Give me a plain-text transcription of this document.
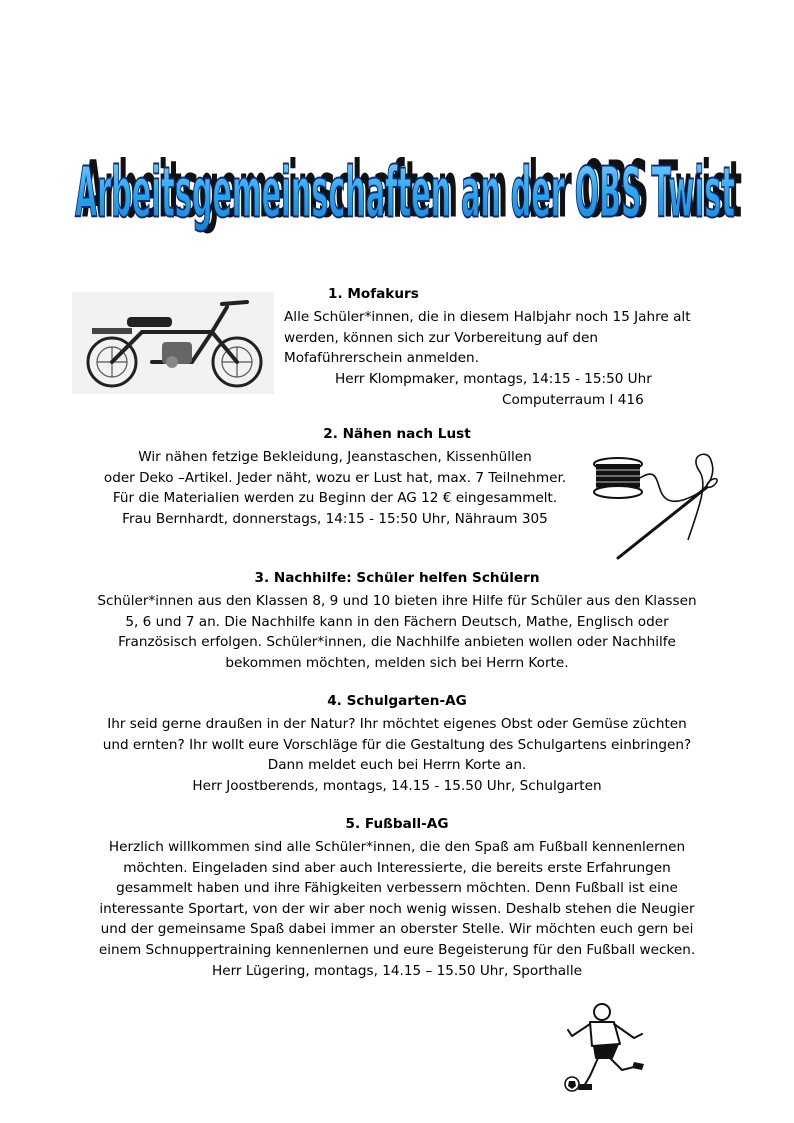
Arbeitsgemeinschaften an der OBS Twist
Arbeitsgemeinschaften an der OBS Twist
1. Mofakurs
Alle Schüler*innen, die in diesem Halbjahr noch 15 Jahre alt
werden, können sich zur Vorbereitung auf den
Mofaführerschein anmelden.
Herr Klompmaker, montags, 14:15 - 15:50 Uhr
Computerraum I 416
2. Nähen nach Lust
Wir nähen fetzige Bekleidung, Jeanstaschen, Kissenhüllen
oder Deko –Artikel. Jeder näht, wozu er Lust hat, max. 7 Teilnehmer.
Für die Materialien werden zu Beginn der AG 12 € eingesammelt.
Frau Bernhardt, donnerstags, 14:15 - 15:50 Uhr, Nähraum 305
3. Nachhilfe: Schüler helfen Schülern
Schüler*innen aus den Klassen 8, 9 und 10 bieten ihre Hilfe für Schüler aus den Klassen
5, 6 und 7 an. Die Nachhilfe kann in den Fächern Deutsch, Mathe, Englisch oder
Französisch erfolgen. Schüler*innen, die Nachhilfe anbieten wollen oder Nachhilfe
bekommen möchten, melden sich bei Herrn Korte.
4. Schulgarten-AG
Ihr seid gerne draußen in der Natur? Ihr möchtet eigenes Obst oder Gemüse züchten
und ernten? Ihr wollt eure Vorschläge für die Gestaltung des Schulgartens einbringen?
Dann meldet euch bei Herrn Korte an.
Herr Joostberends, montags, 14.15 - 15.50 Uhr, Schulgarten
5. Fußball-AG
Herzlich willkommen sind alle Schüler*innen, die den Spaß am Fußball kennenlernen
möchten. Eingeladen sind aber auch Interessierte, die bereits erste Erfahrungen
gesammelt haben und ihre Fähigkeiten verbessern möchten. Denn Fußball ist eine
interessante Sportart, von der wir aber noch wenig wissen. Deshalb stehen die Neugier
und der gemeinsame Spaß dabei immer an oberster Stelle. Wir möchten euch gern bei
einem Schnuppertraining kennenlernen und eure Begeisterung für den Fußball wecken.
Herr Lügering, montags, 14.15 – 15.50 Uhr, Sporthalle
